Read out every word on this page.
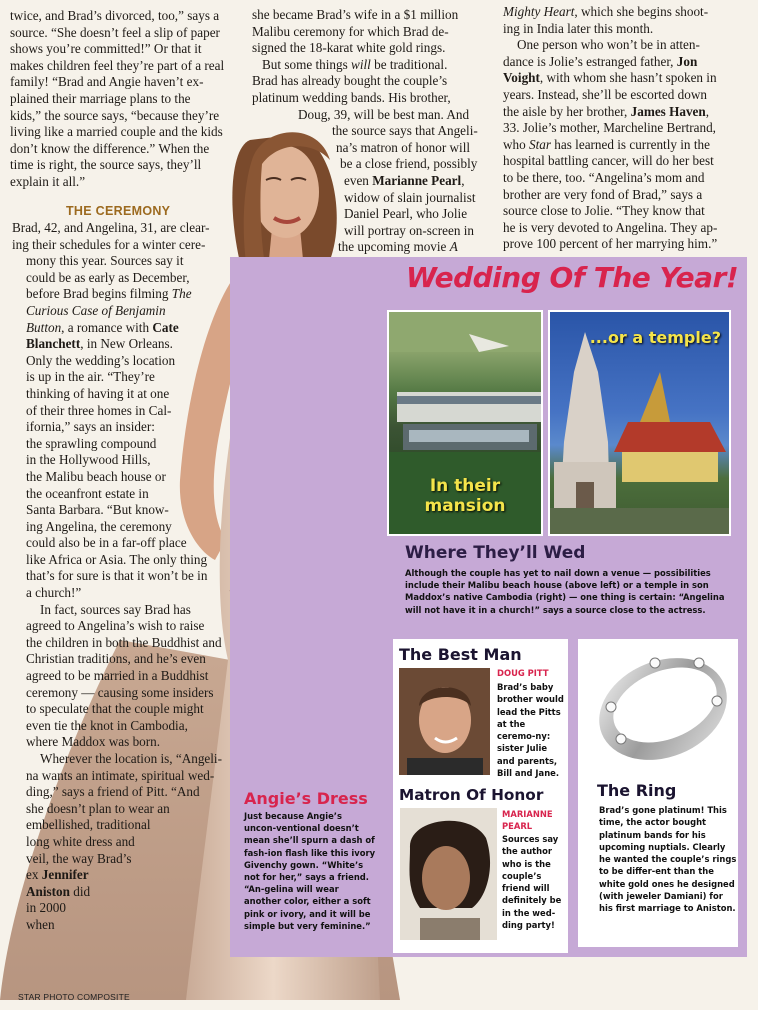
twice, and Brad’s divorced, too,” says a
source. “She doesn’t feel a slip of paper
shows you’re committed!” Or that it
makes children feel they’re part of a real
family! “Brad and Angie haven’t ex-
plained their marriage plans to the
kids,” the source says, “because they’re
living like a married couple and the kids
don’t know the difference.” When the
time is right, the source says, they’ll
explain it all.”
THE CEREMONY
Brad, 42, and Angelina, 31, are clear-
ing their schedules for a winter cere-
mony this year. Sources say it
could be as early as December,
before Brad begins filming The
Curious Case of Benjamin
Button, a romance with Cate
Blanchett, in New Orleans.
Only the wedding’s location
is up in the air. “They’re
thinking of having it at one
of their three homes in Cal-
ifornia,” says an insider:
the sprawling compound
in the Hollywood Hills,
the Malibu beach house or
the oceanfront estate in
Santa Barbara. “But know-
ing Angelina, the ceremony
could also be in a far-off place
like Africa or Asia. The only thing
that’s for sure is that it won’t be in
a church!”
In fact, sources say Brad has
agreed to Angelina’s wish to raise
the children in both the Buddhist and
Christian traditions, and he’s even
agreed to be married in a Buddhist
ceremony — causing some insiders
to speculate that the couple might
even tie the knot in Cambodia,
where Maddox was born.
Wherever the location is, “Angeli-
na wants an intimate, spiritual wed-
ding,” says a friend of Pitt. “And
she doesn’t plan to wear an
embellished, traditional
long white dress and
veil, the way Brad’s
ex Jennifer
Aniston did
in 2000
when
she became Brad’s wife in a $1 million
Malibu ceremony for which Brad de-
signed the 18-karat white gold rings.
But some things will be traditional.
Brad has already bought the couple’s
platinum wedding bands. His brother,
Doug, 39, will be best man. And
the source says that Angeli-
na’s matron of honor will
be a close friend, possibly
even Marianne Pearl,
widow of slain journalist
Daniel Pearl, who Jolie
will portray on-screen in
the upcoming movie A
Mighty Heart, which she begins shoot-
ing in India later this month.
One person who won’t be in atten-
dance is Jolie’s estranged father, Jon
Voight, with whom she hasn’t spoken in
years. Instead, she’ll be escorted down
the aisle by her brother, James Haven,
33. Jolie’s mother, Marcheline Bertrand,
who Star has learned is currently in the
hospital battling cancer, will do her best
to be there, too. “Angelina’s mom and
brother are very fond of Brad,” says a
source close to Jolie. “They know that
he is very devoted to Angelina. They ap-
prove 100 percent of her marrying him.”
Wedding Of The Year!
In their
mansion
...or a temple?
Where They’ll Wed
Although the couple has yet to nail down a venue — possibilities include their Malibu beach house (above left) or a temple in son Maddox’s native Cambodia (right) — one thing is certain: “Angelina will not have it in a church!” says a source close to the actress.
The Best Man
DOUG PITT
Brad’s baby brother would lead the Pitts at the ceremo-ny: sister Julie and parents, Bill and Jane.
Matron Of Honor
MARIANNE
PEARL
Sources say the author who is the couple’s friend will definitely be in the wed-ding party!
The Ring
Brad’s gone platinum! This time, the actor bought platinum bands for his upcoming nuptials. Clearly he wanted the couple’s rings to be differ-ent than the white gold ones he designed (with jeweler Damiani) for his first marriage to Aniston.
Angie’s Dress
Just because Angie’s uncon-ventional doesn’t mean she’ll spurn a dash of fash-ion flash like this ivory Givenchy gown. “White’s not for her,” says a friend. “An-gelina will wear another color, either a soft pink or ivory, and it will be simple but very feminine.”
STAR PHOTO COMPOSITE
